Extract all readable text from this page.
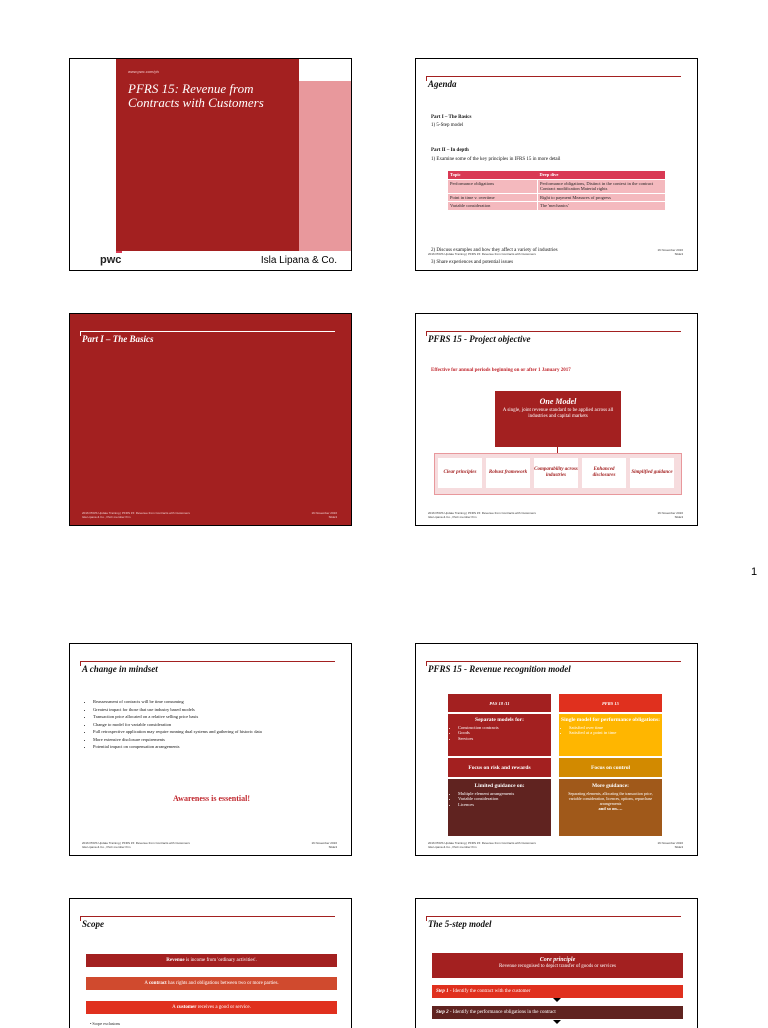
www.pwc.com/ph
PFRS 15: Revenue from Contracts with Customers
pwc	Isla Lipana & Co.
Agenda
Part I – The Basics
1) 5-Step model
Part II – In depth
1) Examine some of the key principles in IFRS 15 in more detail
Topic	Deep dive
Performance obligations	Performance obligations, Distinct in the context in the contract Contract modification Material rights
Point in time v. overtime	Right to payment Measures of progress
Variable consideration	The 'mechanics'
2) Discuss examples and how they affect a variety of industries
3) Share experiences and potential issues
2016 PFRS Update Training | PFRS 15: Revenue from Contracts with Customers
16 November 2016
Slide3
Part I – The Basics
2016 PFRS Update Training | PFRS 15: Revenue from Contracts with Customers
Isla Lipana & Co., PwC member firm
16 November 2016
Slide3
PFRS 15 - Project objective
Effective for annual periods beginning on or after 1 January 2017
One Model
A single, joint revenue standard to be applied across all industries and capital markets
Clear principles	Robust framework
Comparability across industries
Enhanced disclosures
Simplified guidance
2016 PFRS Update Training | PFRS 15: Revenue from Contracts with Customers
Isla Lipana & Co., PwC member firm
16 November 2016
Slide3
1
A change in mindset
• Reassessment of contracts will be time consuming
• Greatest impact for those that use industry based models
• Transaction price allocated on a relative selling price basis
• Change to model for variable consideration
• Full retrospective application may require running dual systems and gathering of historic data
• More extensive disclosure requirements
• Potential impact on compensation arrangements
Awareness is essential!
2016 PFRS Update Training | PFRS 15: Revenue from Contracts with Customers
Isla Lipana & Co., PwC member firm
16 November 2016
Slide3
PFRS 15 - Revenue recognition model
PAS 18 /11	PFRS 15
Separate models for:
• Construction contracts
• Goods
• Services
Single model for performance obligations:
• Satisfied over time
• Satisfied at a point in time
Focus on risk and rewards	Focus on control
Limited guidance on:
• Multiple element arrangements
• Variable consideration
• Licences
More guidance:
Separating elements, allocating the transaction price, variable consideration, licences, options, repurchase arrangements
and so on….
2016 PFRS Update Training | PFRS 15: Revenue from Contracts with Customers
Isla Lipana & Co., PwC member firm
16 November 2016
Slide3
Scope
Revenue is income from 'ordinary activities'.
A contract has rights and obligations between two or more parties.
A customer receives a good or service.
• Scope exclusions
The 5-step model
Core principle
Revenue recognised to depict transfer of goods or services
Step 1 - Identify the contract with the customer
Step 2 - Identify the performance obligations in the contract
